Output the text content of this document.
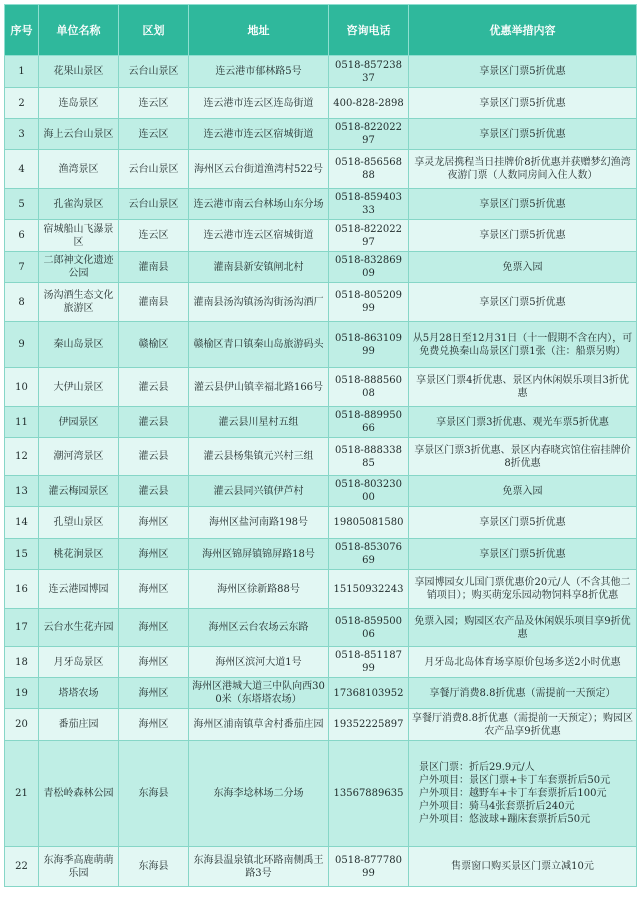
序号	单位名称	区划	地址	咨询电话	优惠举措内容
1	花果山景区	云台山景区	连云港市郁林路5号	0518-85723837	享景区门票5折优惠
2	连岛景区	连云区	连云港市连云区连岛街道	400-828-2898	享景区门票5折优惠
3	海上云台山景区	连云区	连云港市连云区宿城街道	0518-82202297	享景区门票5折优惠
4	渔湾景区	云台山景区	海州区云台街道渔湾村522号	0518-85656888	享灵龙居携程当日挂牌价8折优惠并获赠梦幻渔湾夜游门票（人数同房间入住人数）
5	孔雀沟景区	云台山景区	连云港市南云台林场山东分场	0518-85940333	享景区门票5折优惠
6	宿城船山飞瀑景区	连云区	连云港市连云区宿城街道	0518-82202297	享景区门票5折优惠
7	二郎神文化遗迹公园	灌南县	灌南县新安镇闸北村	0518-83286909	免票入园
8	汤沟酒生态文化旅游区	灌南县	灌南县汤沟镇汤沟街汤沟酒厂	0518-80520999	享景区门票5折优惠
9	秦山岛景区	赣榆区	赣榆区青口镇秦山岛旅游码头	0518-86310999	从5月28日至12月31日（十一假期不含在内），可免费兑换秦山岛景区门票1张（注：船票另购）
10	大伊山景区	灌云县	灌云县伊山镇幸福北路166号	0518-88856008	享景区门票4折优惠、景区内休闲娱乐项目3折优惠
11	伊园景区	灌云县	灌云县川星村五组	0518-88995066	享景区门票3折优惠、观光车票5折优惠
12	潮河湾景区	灌云县	灌云县杨集镇元兴村三组	0518-88833885	享景区门票3折优惠、景区内春晓宾馆住宿挂牌价8折优惠
13	灌云梅园景区	灌云县	灌云县同兴镇伊芦村	0518-80323000	免票入园
14	孔望山景区	海州区	海州区盐河南路198号	19805081580	享景区门票5折优惠
15	桃花涧景区	海州区	海州区锦屏镇锦屏路18号	0518-85307669	享景区门票5折优惠
16	连云港园博园	海州区	海州区徐新路88号	15150932243	享园博园女儿国门票优惠价20元/人（不含其他二销项目）；购买萌宠乐园动物饲料享8折优惠
17	云台水生花卉园	海州区	海州区云台农场云东路	0518-85950006	免票入园；购园区农产品及休闲娱乐项目享9折优惠
18	月牙岛景区	海州区	海州区滨河大道1号	0518-85118799	月牙岛北岛体育场享原价包场多送2小时优惠
19	塔塔农场	海州区	海州区港城大道三中队向西300米（东塔塔农场）	17368103952	享餐厅消费8.8折优惠（需提前一天预定）
20	番茄庄园	海州区	海州区浦南镇草舍村番茄庄园	19352225897	享餐厅消费8.8折优惠（需提前一天预定）；购园区农产品享9折优惠
21	青松岭森林公园	东海县	东海李埝林场二分场	13567889635	景区门票：折后29.9元/人
户外项目：景区门票+卡丁车套票折后50元
户外项目：越野车+卡丁车套票折后100元
户外项目：骑马4张套票折后240元
户外项目：悠波球+蹦床套票折后50元

22	东海季高鹿萌萌乐园	东海县	东海县温泉镇北环路南侧禹王路3号	0518-87778099	售票窗口购买景区门票立减10元
